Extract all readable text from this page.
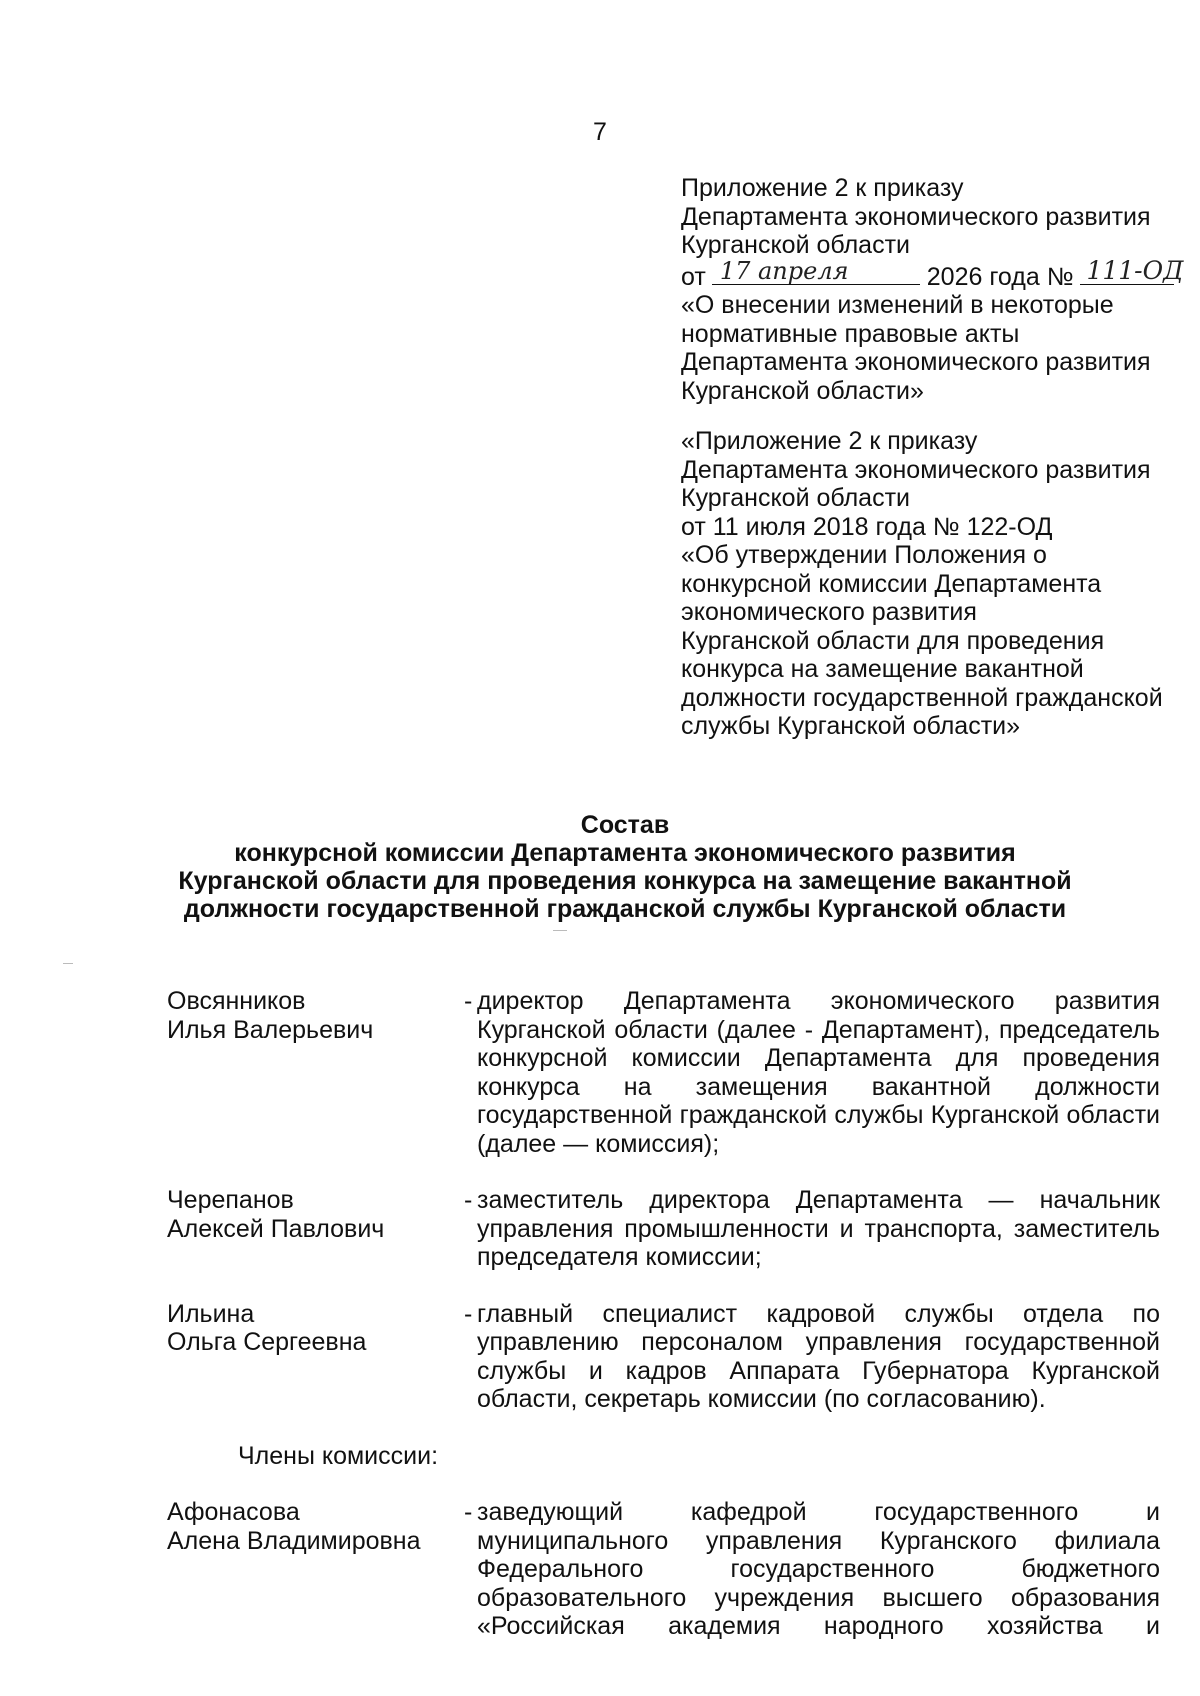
7
Приложение 2 к приказу
Департамента экономического развития
Курганской области
от 17 апреля	2026 года № 111-ОД
«О внесении изменений в некоторые
нормативные правовые акты
Департамента экономического развития
Курганской области»
«Приложение 2 к приказу
Департамента экономического развития
Курганской области
от 11 июля 2018 года № 122-ОД
«Об утверждении Положения о
конкурсной комиссии Департамента
экономического развития
Курганской области для проведения
конкурса на замещение вакантной
должности государственной гражданской
службы Курганской области»
Состав
конкурсной комиссии Департамента экономического развития
Курганской области для проведения конкурса на замещение вакантной
должности государственной гражданской службы Курганской области
Овсянников
Илья Валерьевич
- директор Департамента экономического развития Курганской области (далее - Департамент), председатель конкурсной комиссии Департамента для проведения конкурса на замещения вакантной должности государственной гражданской службы Курганской области (далее — комиссия);
Черепанов
Алексей Павлович
- заместитель директора Департамента — начальник управления промышленности и транспорта, заместитель председателя комиссии;
Ильина
Ольга Сергеевна
- главный специалист кадровой службы отдела по управлению персоналом управления государственной службы и кадров Аппарата Губернатора Курганской области, секретарь комиссии (по согласованию).
Члены комиссии:
Афонасова
Алена Владимировна
- заведующий кафедрой государственного и муниципального управления Курганского филиала Федерального государственного бюджетного образовательного учреждения высшего образования «Российская академия народного хозяйства и
